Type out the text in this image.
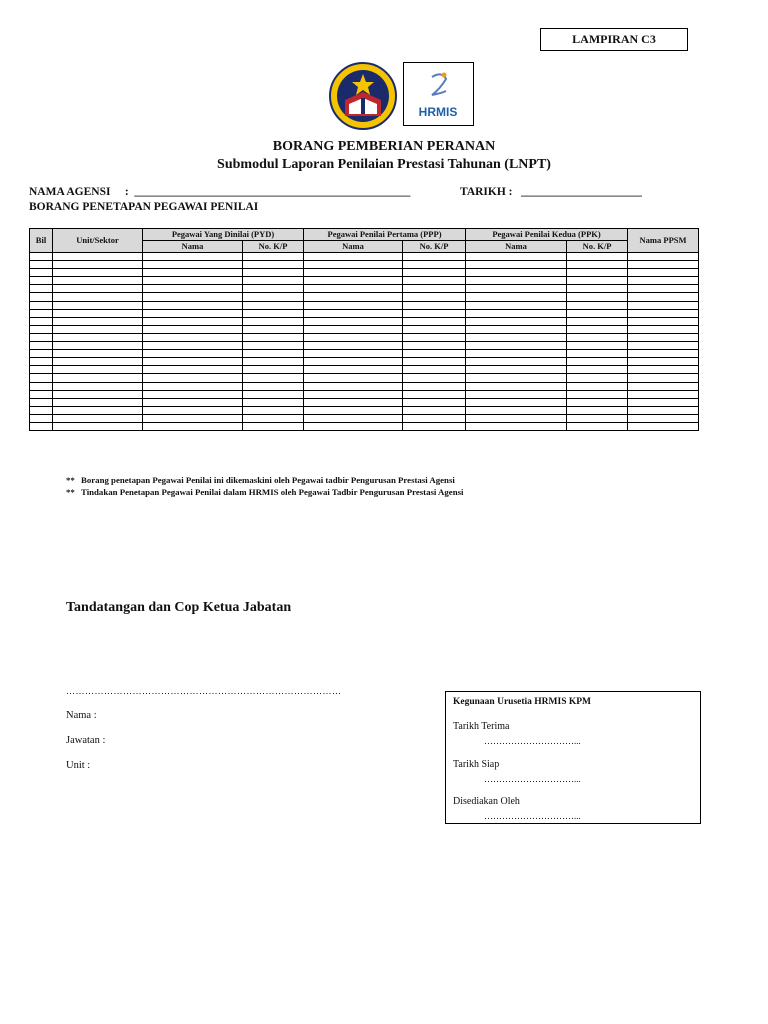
LAMPIRAN C3
HRMIS
BORANG PEMBERIAN PERANAN
Submodul Laporan Penilaian Prestasi Tahunan (LNPT)
NAMA AGENSI     :  ________________________________________________	TARIKH :   _____________________
BORANG PENETAPAN PEGAWAI PENILAI
Bil	Unit/Sektor	Pegawai Yang Dinilai (PYD)		Pegawai Penilai Pertama (PPP)		Pegawai Penilai Kedua (PPK)		Nama PPSM
		Nama	No. K/P	Nama	No. K/P	Nama	No. K/P	

** Borang penetapan Pegawai Penilai ini dikemaskini oleh Pegawai tadbir Pengurusan Prestasi Agensi
** Tindakan Penetapan Pegawai Penilai dalam HRMIS oleh Pegawai Tadbir Pengurusan Prestasi Agensi
Tandatangan dan Cop Ketua Jabatan
……………………………………………………………………………
Nama :
Jawatan :
Unit :
Kegunaan Urusetia HRMIS KPM
Tarikh Terima
…………………………...
Tarikh Siap
…………………………...
Disediakan Oleh
…………………………...
